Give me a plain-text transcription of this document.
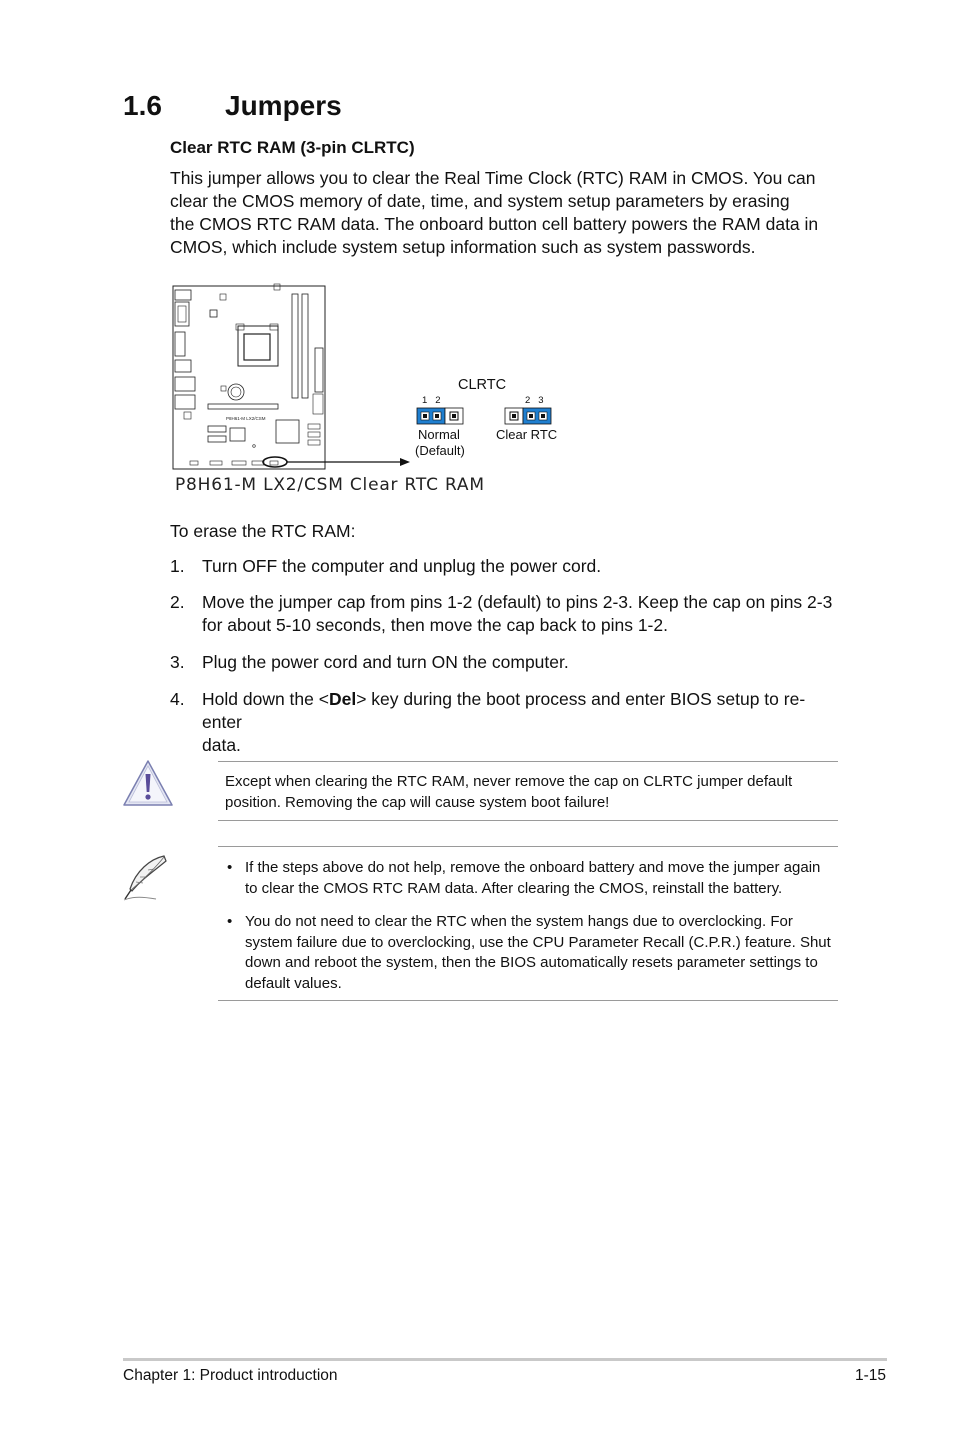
1.6 Jumpers
Clear RTC RAM (3-pin CLRTC)

This jumper allows you to clear the Real Time Clock (RTC) RAM in CMOS. You can

clear the CMOS memory of date, time, and system setup parameters by erasing

the CMOS RTC RAM data. The onboard button cell battery powers the RAM data in

CMOS, which include system setup information such as system passwords.

P8H61-M LX2/CSM
CLRTC
1   2	2   3
Normal
(Default)
Clear RTC
P8H61-M LX2/CSM Clear RTC RAM
To erase the RTC RAM:
1. Turn OFF the computer and unplug the power cord.
2. Move the jumper cap from pins 1-2 (default) to pins 2-3. Keep the cap on pins 2-3
for about 5-10 seconds, then move the cap back to pins 1-2.
3. Plug the power cord and turn ON the computer.
4. Hold down the <Del> key during the boot process and enter BIOS setup to re-enter
data.
Except when clearing the RTC RAM, never remove the cap on CLRTC jumper default
position. Removing the cap will cause system boot failure!
• If the steps above do not help, remove the onboard battery and move the jumper again
to clear the CMOS RTC RAM data. After clearing the CMOS, reinstall the battery.
• You do not need to clear the RTC when the system hangs due to overclocking. For
system failure due to overclocking, use the CPU Parameter Recall (C.P.R.) feature. Shut
down and reboot the system, then the BIOS automatically resets parameter settings to
default values.
Chapter 1: Product introduction	1-15
